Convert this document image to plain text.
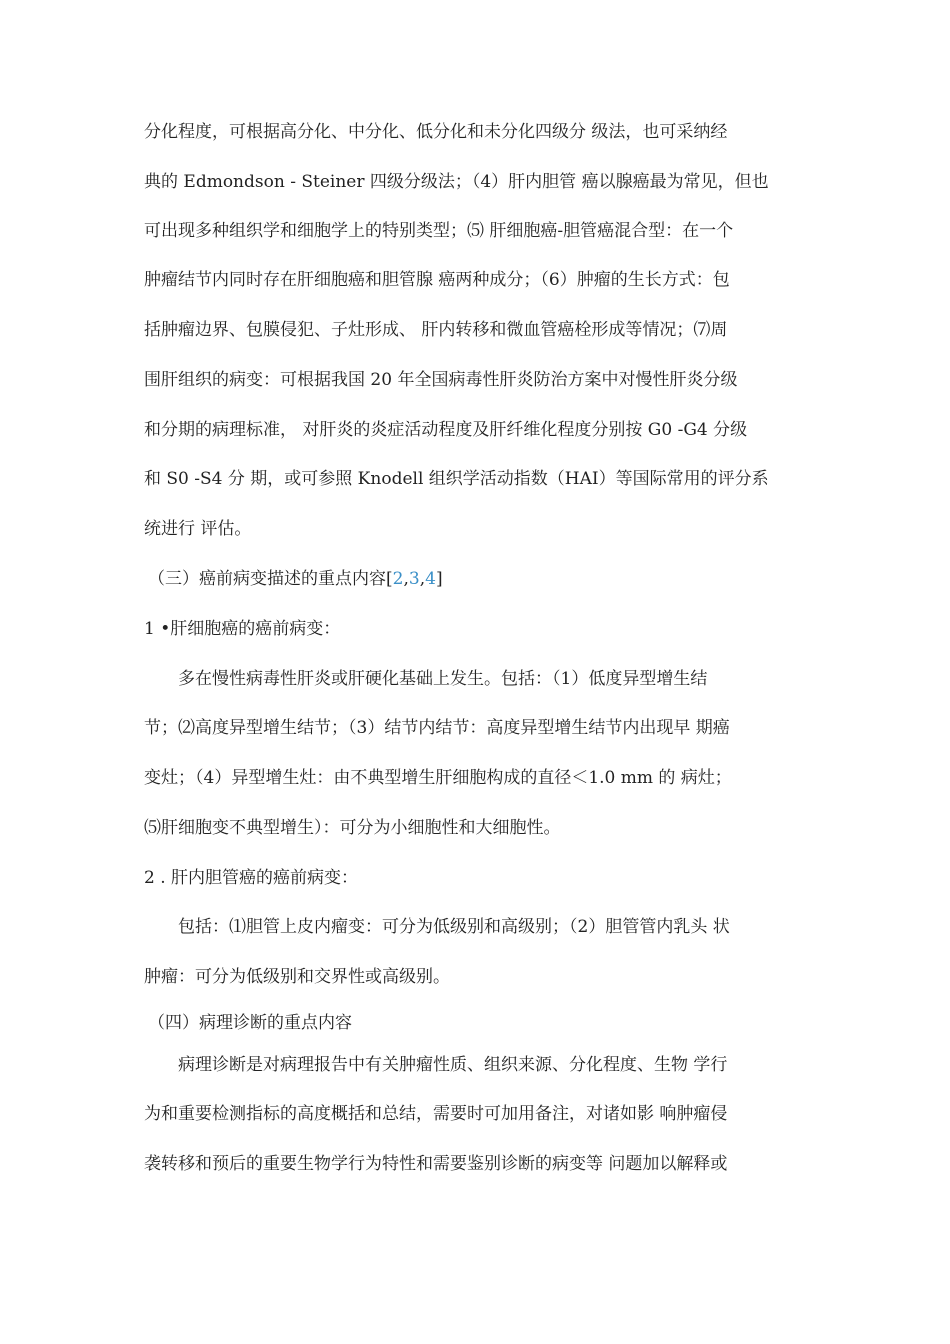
分化程度，可根据高分化、中分化、低分化和未分化四级分 级法，也可采纳经
典的 Edmondson - Steiner 四级分级法；（4）肝内胆管 癌以腺癌最为常见，但也
可出现多种组织学和细胞学上的特别类型；⑸ 肝细胞癌-胆管癌混合型：在一个
肿瘤结节内同时存在肝细胞癌和胆管腺 癌两种成分；（6）肿瘤的生长方式：包
括肿瘤边界、包膜侵犯、子灶形成、 肝内转移和微血管癌栓形成等情况；⑺周
围肝组织的病变：可根据我国 20 年全国病毒性肝炎防治方案中对慢性肝炎分级
和分期的病理标准， 对肝炎的炎症活动程度及肝纤维化程度分别按 G0 -G4 分级
和 S0 -S4 分 期，或可参照 Knodell 组织学活动指数（HAI）等国际常用的评分系
统进行 评估。
（三）癌前病变描述的重点内容[2,3,4]
1 •肝细胞癌的癌前病变：
多在慢性病毒性肝炎或肝硬化基础上发生。包括：（1）低度异型增生结
节；⑵高度异型增生结节；（3）结节内结节：高度异型增生结节内出现早 期癌
变灶；（4）异型增生灶：由不典型增生肝细胞构成的直径＜1.0 mm 的 病灶；
⑸肝细胞变不典型增生）：可分为小细胞性和大细胞性。
2 . 肝内胆管癌的癌前病变：
包括：⑴胆管上皮内瘤变：可分为低级别和高级别；（2）胆管管内乳头 状
肿瘤：可分为低级别和交界性或高级别。
（四）病理诊断的重点内容
病理诊断是对病理报告中有关肿瘤性质、组织来源、分化程度、生物 学行
为和重要检测指标的高度概括和总结，需要时可加用备注，对诸如影 响肿瘤侵
袭转移和预后的重要生物学行为特性和需要鉴别诊断的病变等 问题加以解释或
